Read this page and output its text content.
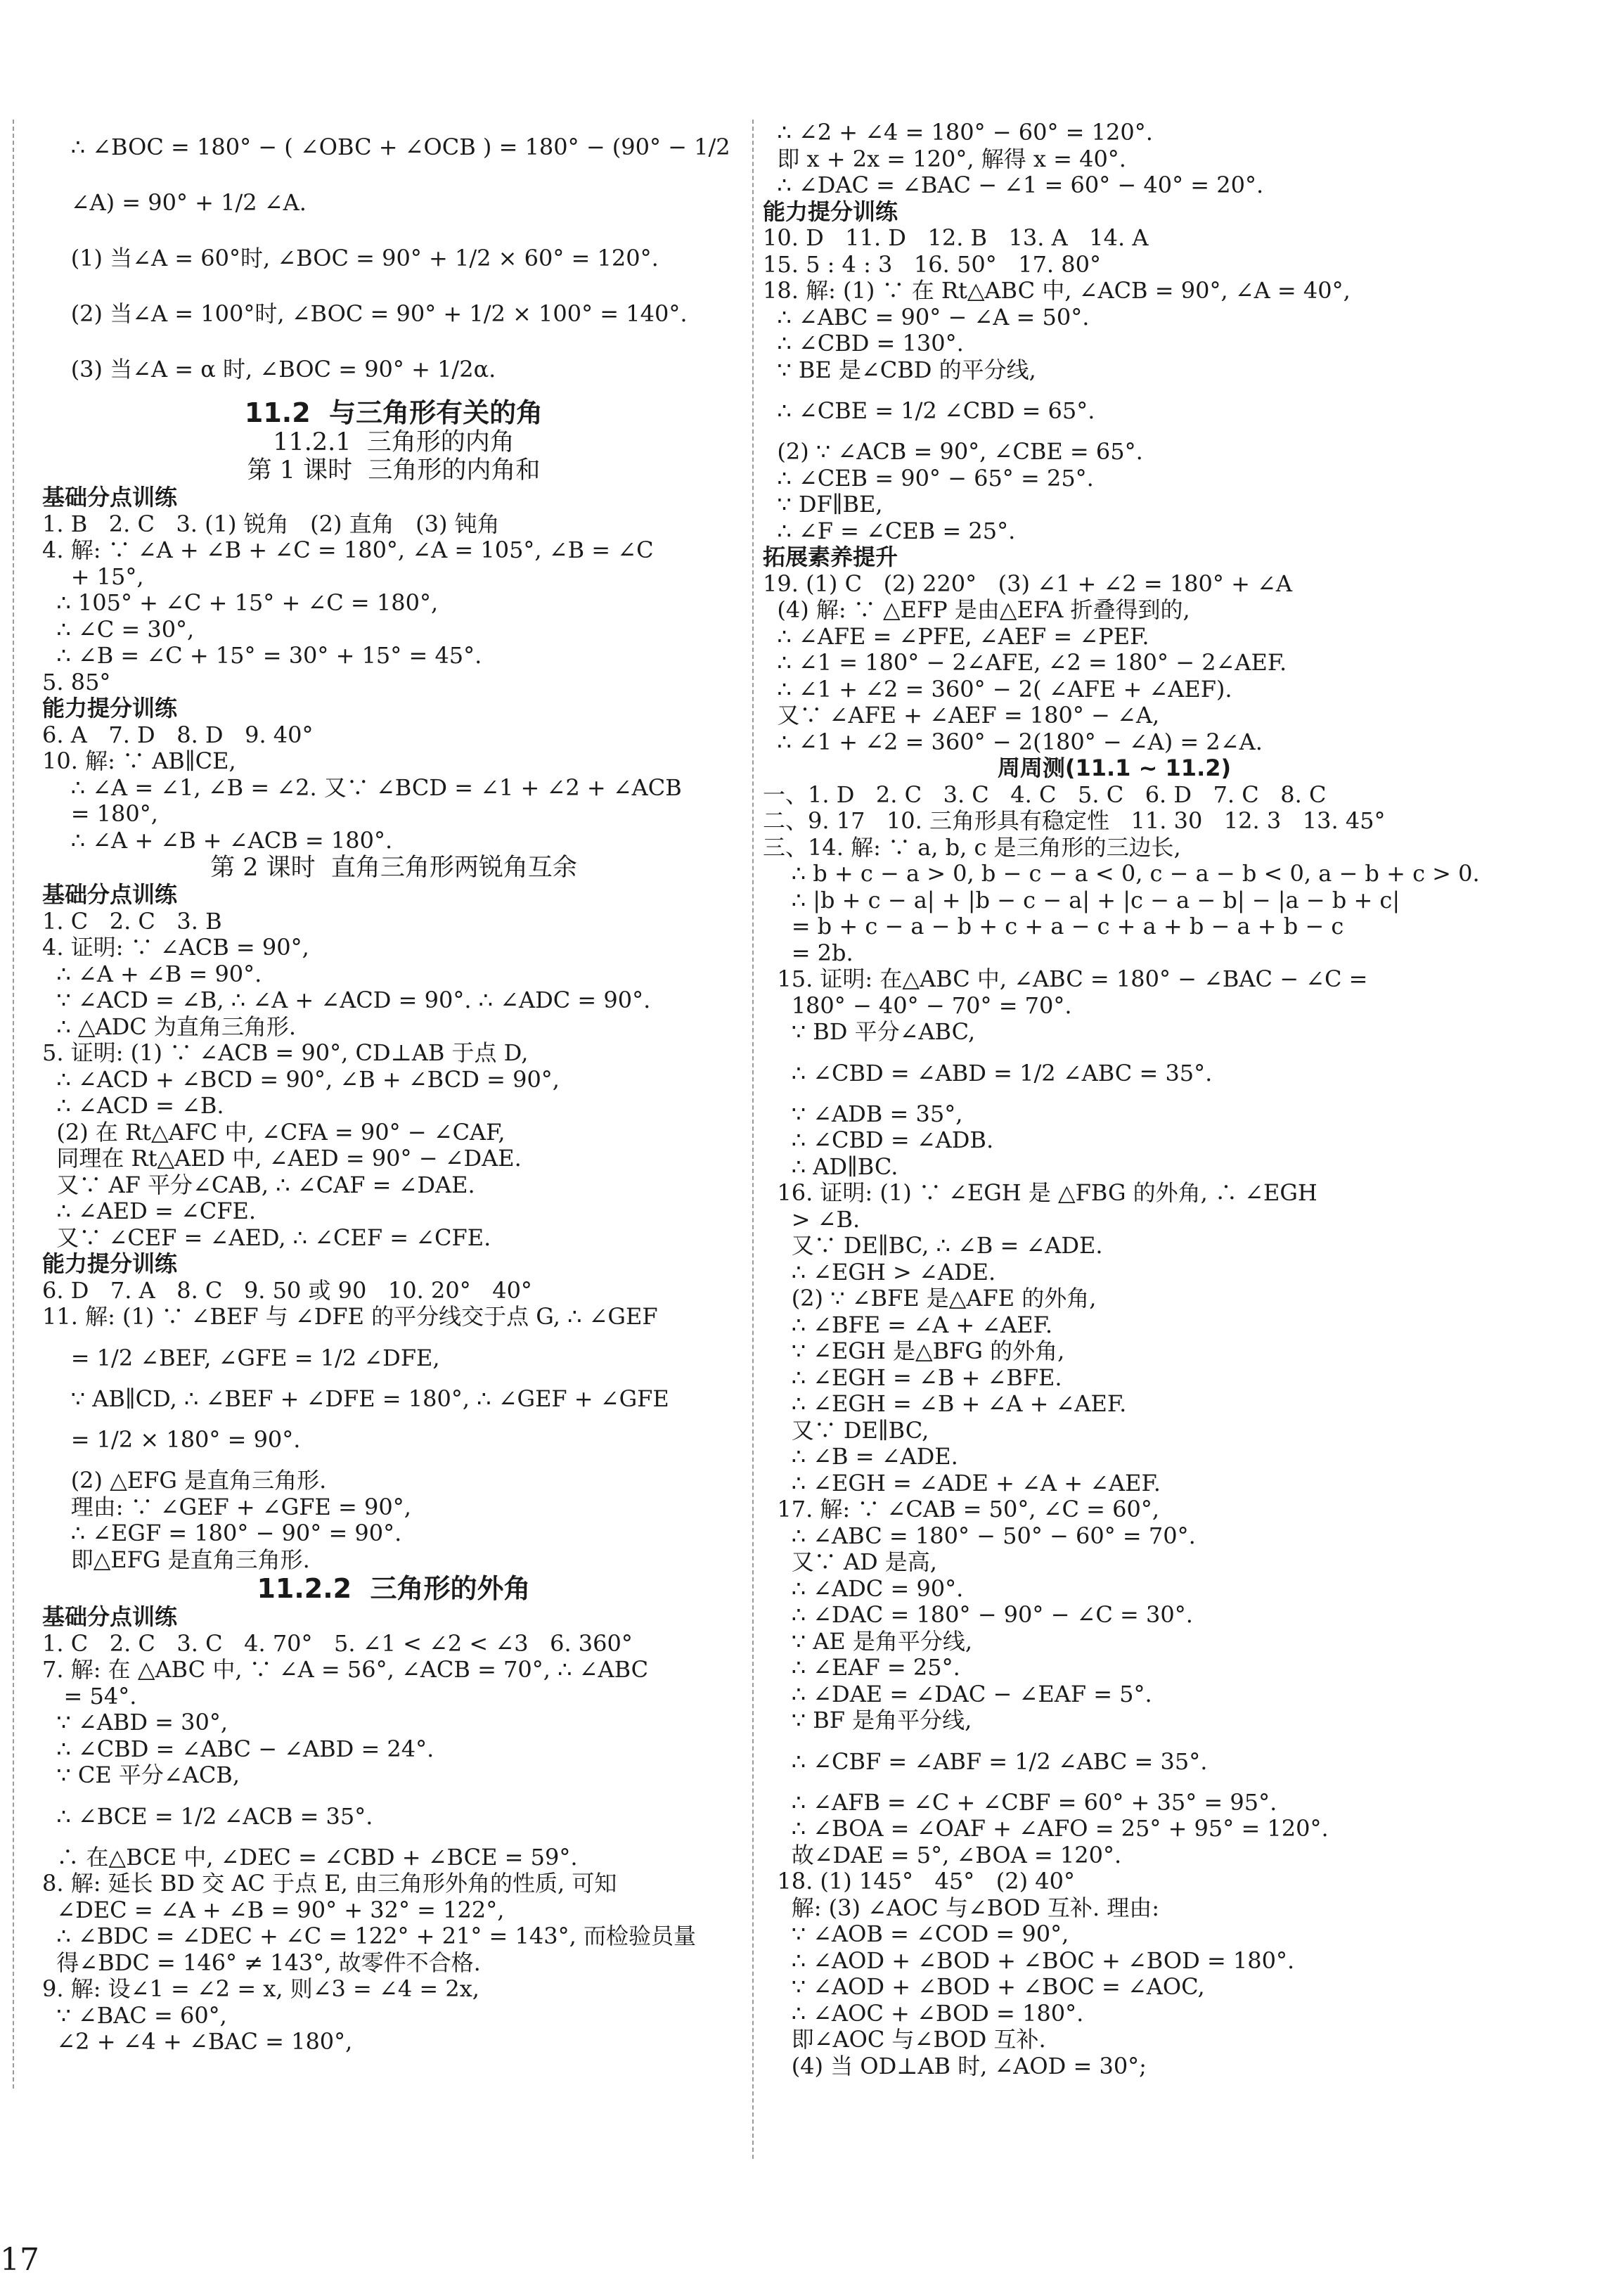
∴ ∠BOC = 180° − ( ∠OBC + ∠OCB ) = 180° − (90° − 1/2
∠A) = 90° + 1/2 ∠A.
(1) 当∠A = 60°时, ∠BOC = 90° + 1/2 × 60° = 120°.
(2) 当∠A = 100°时, ∠BOC = 90° + 1/2 × 100° = 140°.
(3) 当∠A = α 时, ∠BOC = 90° + 1/2α.
11.2  与三角形有关的角
11.2.1  三角形的内角
第 1 课时  三角形的内角和
基础分点训练
1. B   2. C   3. (1) 锐角   (2) 直角   (3) 钝角
4. 解: ∵ ∠A + ∠B + ∠C = 180°, ∠A = 105°, ∠B = ∠C
+ 15°,
∴ 105° + ∠C + 15° + ∠C = 180°,
∴ ∠C = 30°,
∴ ∠B = ∠C + 15° = 30° + 15° = 45°.
5. 85°
能力提分训练
6. A   7. D   8. D   9. 40°
10. 解: ∵ AB∥CE,
∴ ∠A = ∠1, ∠B = ∠2. 又∵ ∠BCD = ∠1 + ∠2 + ∠ACB
= 180°,
∴ ∠A + ∠B + ∠ACB = 180°.
第 2 课时  直角三角形两锐角互余
基础分点训练
1. C   2. C   3. B
4. 证明: ∵ ∠ACB = 90°,
∴ ∠A + ∠B = 90°.
∵ ∠ACD = ∠B, ∴ ∠A + ∠ACD = 90°. ∴ ∠ADC = 90°.
∴ △ADC 为直角三角形.
5. 证明: (1) ∵ ∠ACB = 90°, CD⊥AB 于点 D,
∴ ∠ACD + ∠BCD = 90°, ∠B + ∠BCD = 90°,
∴ ∠ACD = ∠B.
(2) 在 Rt△AFC 中, ∠CFA = 90° − ∠CAF,
同理在 Rt△AED 中, ∠AED = 90° − ∠DAE.
又∵ AF 平分∠CAB, ∴ ∠CAF = ∠DAE.
∴ ∠AED = ∠CFE.
又∵ ∠CEF = ∠AED, ∴ ∠CEF = ∠CFE.
能力提分训练
6. D   7. A   8. C   9. 50 或 90   10. 20°   40°
11. 解: (1) ∵ ∠BEF 与 ∠DFE 的平分线交于点 G, ∴ ∠GEF
= 1/2 ∠BEF, ∠GFE = 1/2 ∠DFE,
∵ AB∥CD, ∴ ∠BEF + ∠DFE = 180°, ∴ ∠GEF + ∠GFE
= 1/2 × 180° = 90°.
(2) △EFG 是直角三角形.
理由: ∵ ∠GEF + ∠GFE = 90°,
∴ ∠EGF = 180° − 90° = 90°.
即△EFG 是直角三角形.
11.2.2  三角形的外角
基础分点训练
1. C   2. C   3. C   4. 70°   5. ∠1 < ∠2 < ∠3   6. 360°
7. 解: 在 △ABC 中, ∵ ∠A = 56°, ∠ACB = 70°, ∴ ∠ABC
= 54°.
∵ ∠ABD = 30°,
∴ ∠CBD = ∠ABC − ∠ABD = 24°.
∵ CE 平分∠ACB,
∴ ∠BCE = 1/2 ∠ACB = 35°.
∴ 在△BCE 中, ∠DEC = ∠CBD + ∠BCE = 59°.
8. 解: 延长 BD 交 AC 于点 E, 由三角形外角的性质, 可知
∠DEC = ∠A + ∠B = 90° + 32° = 122°,
∴ ∠BDC = ∠DEC + ∠C = 122° + 21° = 143°, 而检验员量
得∠BDC = 146° ≠ 143°, 故零件不合格.
9. 解: 设∠1 = ∠2 = x, 则∠3 = ∠4 = 2x,
∵ ∠BAC = 60°,
∠2 + ∠4 + ∠BAC = 180°,
∴ ∠2 + ∠4 = 180° − 60° = 120°.
即 x + 2x = 120°, 解得 x = 40°.
∴ ∠DAC = ∠BAC − ∠1 = 60° − 40° = 20°.
能力提分训练
10. D   11. D   12. B   13. A   14. A
15. 5 : 4 : 3   16. 50°   17. 80°
18. 解: (1) ∵ 在 Rt△ABC 中, ∠ACB = 90°, ∠A = 40°,
∴ ∠ABC = 90° − ∠A = 50°.
∴ ∠CBD = 130°.
∵ BE 是∠CBD 的平分线,
∴ ∠CBE = 1/2 ∠CBD = 65°.
(2) ∵ ∠ACB = 90°, ∠CBE = 65°.
∴ ∠CEB = 90° − 65° = 25°.
∵ DF∥BE,
∴ ∠F = ∠CEB = 25°.
拓展素养提升
19. (1) C   (2) 220°   (3) ∠1 + ∠2 = 180° + ∠A
(4) 解: ∵ △EFP 是由△EFA 折叠得到的,
∴ ∠AFE = ∠PFE, ∠AEF = ∠PEF.
∴ ∠1 = 180° − 2∠AFE, ∠2 = 180° − 2∠AEF.
∴ ∠1 + ∠2 = 360° − 2( ∠AFE + ∠AEF).
又∵ ∠AFE + ∠AEF = 180° − ∠A,
∴ ∠1 + ∠2 = 360° − 2(180° − ∠A) = 2∠A.
周周测(11.1 ~ 11.2)
一、1. D   2. C   3. C   4. C   5. C   6. D   7. C   8. C
二、9. 17   10. 三角形具有稳定性   11. 30   12. 3   13. 45°
三、14. 解: ∵ a, b, c 是三角形的三边长,
∴ b + c − a > 0, b − c − a < 0, c − a − b < 0, a − b + c > 0.
∴ |b + c − a| + |b − c − a| + |c − a − b| − |a − b + c|
= b + c − a − b + c + a − c + a + b − a + b − c
= 2b.
15. 证明: 在△ABC 中, ∠ABC = 180° − ∠BAC − ∠C =
180° − 40° − 70° = 70°.
∵ BD 平分∠ABC,
∴ ∠CBD = ∠ABD = 1/2 ∠ABC = 35°.
∵ ∠ADB = 35°,
∴ ∠CBD = ∠ADB.
∴ AD∥BC.
16. 证明: (1) ∵ ∠EGH 是 △FBG 的外角, ∴ ∠EGH
> ∠B.
又∵ DE∥BC, ∴ ∠B = ∠ADE.
∴ ∠EGH > ∠ADE.
(2) ∵ ∠BFE 是△AFE 的外角,
∴ ∠BFE = ∠A + ∠AEF.
∵ ∠EGH 是△BFG 的外角,
∴ ∠EGH = ∠B + ∠BFE.
∴ ∠EGH = ∠B + ∠A + ∠AEF.
又∵ DE∥BC,
∴ ∠B = ∠ADE.
∴ ∠EGH = ∠ADE + ∠A + ∠AEF.
17. 解: ∵ ∠CAB = 50°, ∠C = 60°,
∴ ∠ABC = 180° − 50° − 60° = 70°.
又∵ AD 是高,
∴ ∠ADC = 90°.
∴ ∠DAC = 180° − 90° − ∠C = 30°.
∵ AE 是角平分线,
∴ ∠EAF = 25°.
∴ ∠DAE = ∠DAC − ∠EAF = 5°.
∵ BF 是角平分线,
∴ ∠CBF = ∠ABF = 1/2 ∠ABC = 35°.
∴ ∠AFB = ∠C + ∠CBF = 60° + 35° = 95°.
∴ ∠BOA = ∠OAF + ∠AFO = 25° + 95° = 120°.
故∠DAE = 5°, ∠BOA = 120°.
18. (1) 145°   45°   (2) 40°
解: (3) ∠AOC 与∠BOD 互补. 理由:
∵ ∠AOB = ∠COD = 90°,
∴ ∠AOD + ∠BOD + ∠BOC + ∠BOD = 180°.
∵ ∠AOD + ∠BOD + ∠BOC = ∠AOC,
∴ ∠AOC + ∠BOD = 180°.
即∠AOC 与∠BOD 互补.
(4) 当 OD⊥AB 时, ∠AOD = 30°;
17
